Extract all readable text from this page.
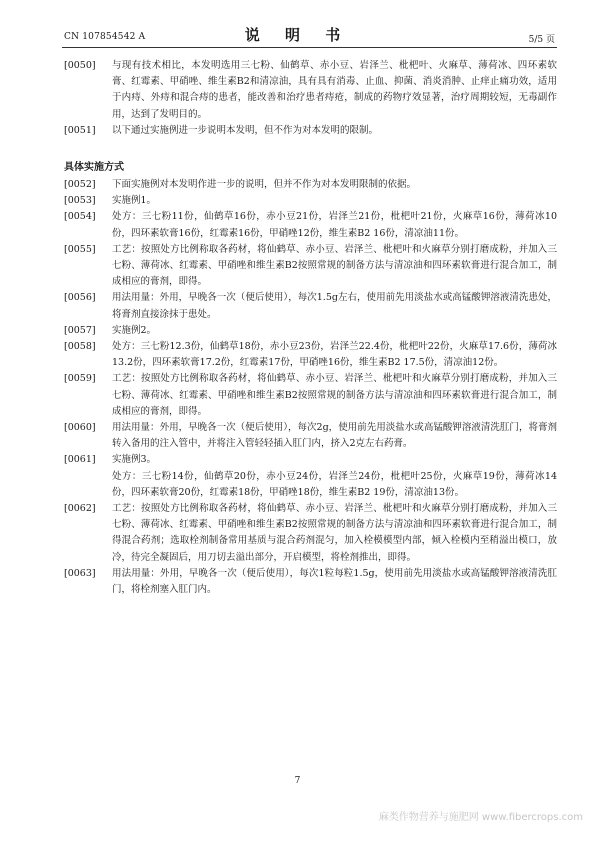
CN 107854542 A	说 明 书	5/5 页
[0050]	与现有技术相比，本发明选用三七粉、仙鹤草、赤小豆、岩泽兰、枇杷叶、火麻草、薄荷冰、四环素软膏、红霉素、甲硝唑、维生素B2和清凉油，具有具有消毒、止血、抑菌、消炎消肿、止痒止痛功效，适用于内痔、外痔和混合痔的患者，能改善和治疗患者痔疮，制成的药物疗效显著，治疗周期较短，无毒副作用，达到了发明目的。
[0051]	以下通过实施例进一步说明本发明，但不作为对本发明的限制。
具体实施方式
[0052]	下面实施例对本发明作进一步的说明，但并不作为对本发明限制的依据。
[0053]	实施例1。
[0054]	处方：三七粉11份，仙鹤草16份，赤小豆21份，岩泽兰21份，枇杷叶21份，火麻草16份，薄荷冰10份，四环素软膏16份，红霉素16份，甲硝唑12份，维生素B2 16份，清凉油11份。
[0055]	工艺：按照处方比例称取各药材，将仙鹤草、赤小豆、岩泽兰、枇杷叶和火麻草分别打磨成粉，并加入三七粉、薄荷冰、红霉素、甲硝唑和维生素B2按照常规的制备方法与清凉油和四环素软膏进行混合加工，制成相应的膏剂，即得。
[0056]	用法用量：外用，早晚各一次（便后使用），每次1.5g左右，使用前先用淡盐水或高锰酸钾溶液清洗患处，将膏剂直接涂抹于患处。
[0057]	实施例2。
[0058]	处方：三七粉12.3份，仙鹤草18份，赤小豆23份，岩泽兰22.4份，枇杷叶22份，火麻草17.6份，薄荷冰13.2份，四环素软膏17.2份，红霉素17份，甲硝唑16份，维生素B2 17.5份，清凉油12份。
[0059]	工艺：按照处方比例称取各药材，将仙鹤草、赤小豆、岩泽兰、枇杷叶和火麻草分别打磨成粉，并加入三七粉、薄荷冰、红霉素、甲硝唑和维生素B2按照常规的制备方法与清凉油和四环素软膏进行混合加工，制成相应的膏剂，即得。
[0060]	用法用量：外用，早晚各一次（便后使用），每次2g，使用前先用淡盐水或高锰酸钾溶液清洗肛门，将膏剂转入备用的注入管中，并将注入管轻轻插入肛门内，挤入2克左右药膏。
[0061]	实施例3。
处方：三七粉14份，仙鹤草20份，赤小豆24份，岩泽兰24份，枇杷叶25份，火麻草19份，薄荷冰14份，四环素软膏20份，红霉素18份，甲硝唑18份，维生素B2 19份，清凉油13份。
[0062]	工艺：按照处方比例称取各药材，将仙鹤草、赤小豆、岩泽兰、枇杷叶和火麻草分别打磨成粉，并加入三七粉、薄荷冰、红霉素、甲硝唑和维生素B2按照常规的制备方法与清凉油和四环素软膏进行混合加工，制得混合药剂；选取栓剂制备常用基质与混合药剂混匀，加入栓模模型内部，倾入栓模内至稍溢出模口，放冷，待完全凝固后，用刀切去溢出部分，开启模型，将栓剂推出，即得。
[0063]	用法用量：外用，早晚各一次（便后使用），每次1粒每粒1.5g，使用前先用淡盐水或高锰酸钾溶液清洗肛门，将栓剂塞入肛门内。
7
麻类作物营养与施肥网 www.fibercrops.com
